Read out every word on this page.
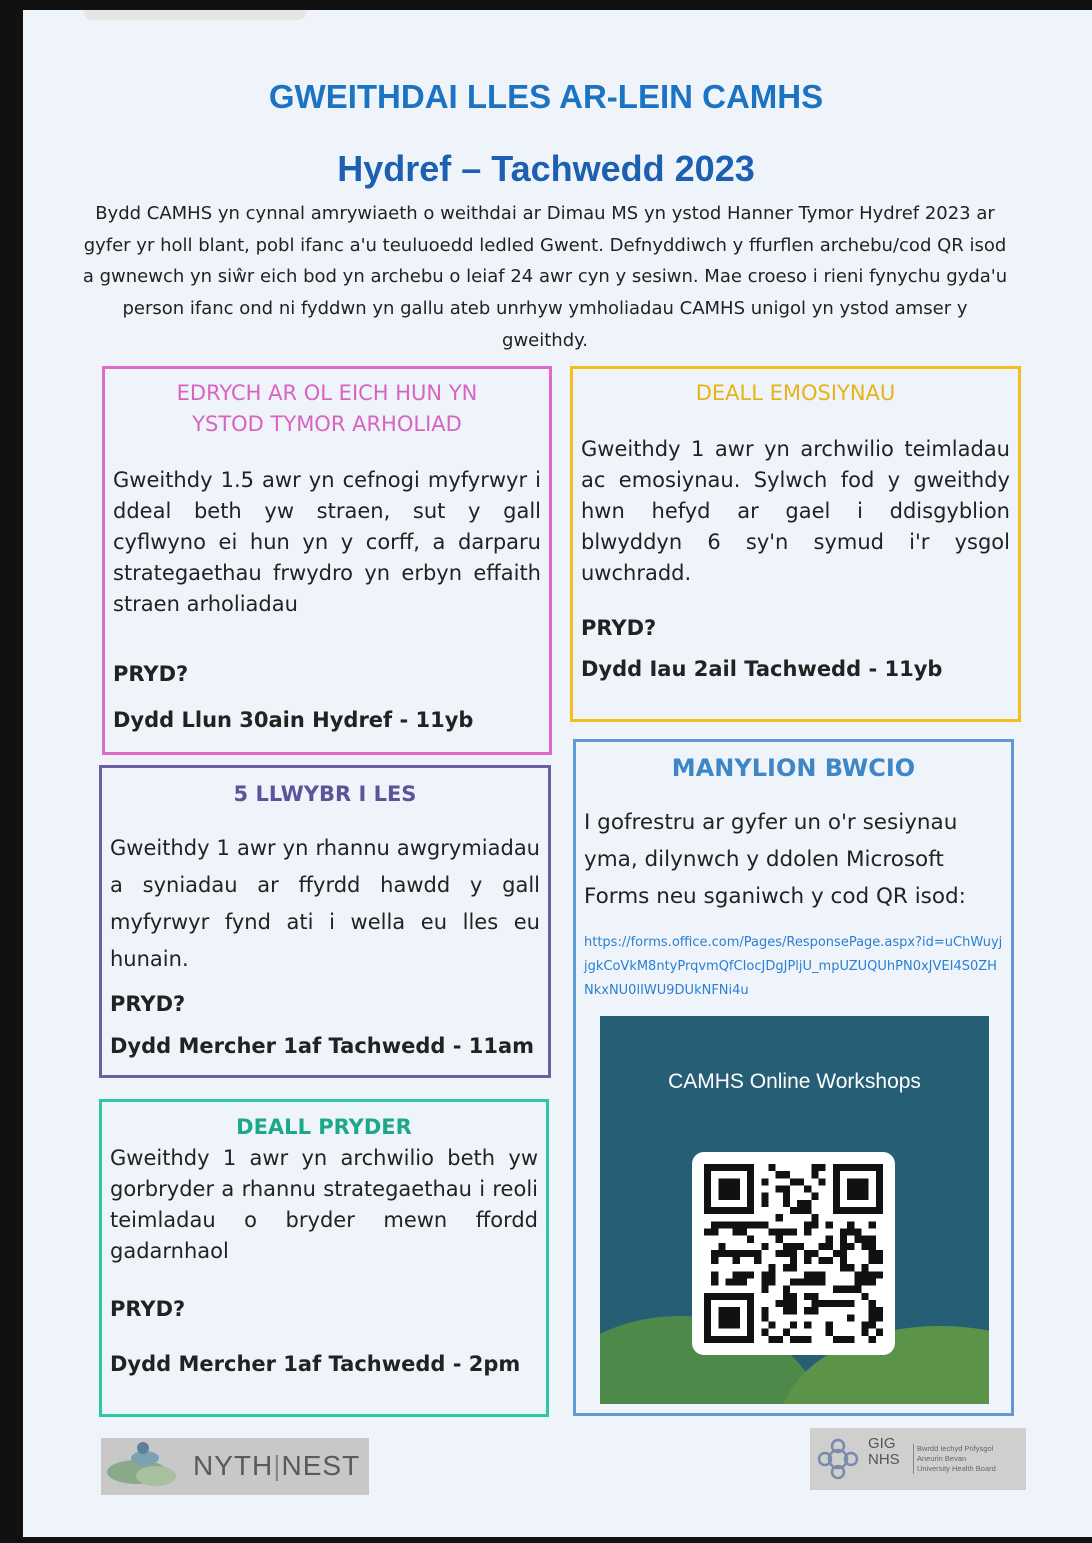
GWEITHDAI LLES AR-LEIN CAMHS
Hydref – Tachwedd 2023
Bydd CAMHS yn cynnal amrywiaeth o weithdai ar Dimau MS yn ystod Hanner Tymor Hydref 2023 ar gyfer yr holl blant, pobl ifanc a'u teuluoedd ledled Gwent. Defnyddiwch y ffurflen archebu/cod QR isod a gwnewch yn siŵr eich bod yn archebu o leiaf 24 awr cyn y sesiwn. Mae croeso i rieni fynychu gyda'u person ifanc ond ni fyddwn yn gallu ateb unrhyw ymholiadau CAMHS unigol yn ystod amser y gweithdy.
EDRYCH AR OL EICH HUN YN YSTOD TYMOR ARHOLIAD
Gweithdy 1.5 awr yn cefnogi myfyrwyr i ddeal beth yw straen, sut y gall cyflwyno ei hun yn y corff, a darparu strategaethau frwydro yn erbyn effaith straen arholiadau
PRYD?
Dydd Llun 30ain Hydref - 11yb
DEALL EMOSIYNAU
Gweithdy 1 awr yn archwilio teimladau ac emosiynau. Sylwch fod y gweithdy hwn hefyd ar gael i ddisgyblion blwyddyn 6 sy'n symud i'r ysgol uwchradd.
PRYD?
Dydd Iau 2ail Tachwedd - 11yb
5 LLWYBR I LES
Gweithdy 1 awr yn rhannu awgrymiadau a syniadau ar ffyrdd hawdd y gall myfyrwyr fynd ati i wella eu lles eu hunain.
PRYD?
Dydd Mercher 1af Tachwedd - 11am
DEALL PRYDER
Gweithdy 1 awr yn archwilio beth yw gorbryder a rhannu strategaethau i reoli teimladau o bryder mewn ffordd gadarnhaol
PRYD?
Dydd Mercher 1af Tachwedd - 2pm
MANYLION BWCIO
I gofrestru ar gyfer un o'r sesiynau yma, dilynwch y ddolen Microsoft Forms neu sganiwch y cod QR isod:
https://forms.office.com/Pages/ResponsePage.aspx?id=uChWuyjjgkCoVkM8ntyPrqvmQfCIocJDgJPljU_mpUZUQUhPN0xJVEI4S0ZHNkxNU0lIWU9DUkNFNi4u
CAMHS Online Workshops
NYTH|NEST
GIG
NHS
Bwrdd Iechyd Prifysgol
Aneurin Bevan
University Health Board
